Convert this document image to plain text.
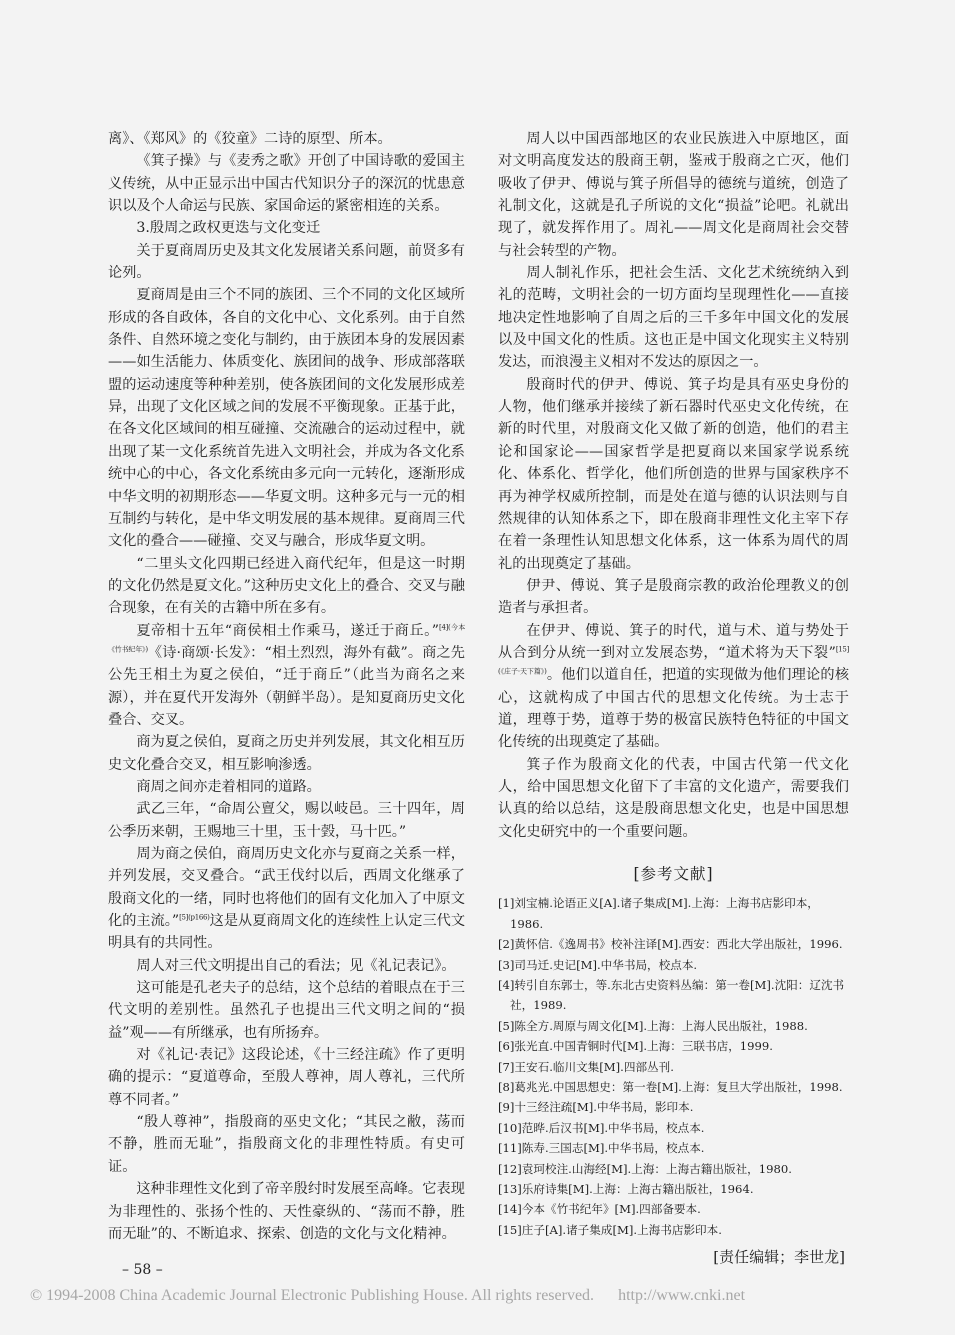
离》、《郑风》的《狡童》二诗的原型、所本。

《箕子操》与《麦秀之歌》开创了中国诗歌的爱国主义传统，从中正显示出中国古代知识分子的深沉的忧患意识以及个人命运与民族、家国命运的紧密相连的关系。

3.殷周之政权更迭与文化变迁

关于夏商周历史及其文化发展诸关系问题，前贤多有论列。

夏商周是由三个不同的族团、三个不同的文化区域所形成的各自政体，各自的文化中心、文化系列。由于自然条件、自然环境之变化与制约，由于族团本身的发展因素——如生活能力、体质变化、族团间的战争、形成部落联盟的运动速度等种种差别，使各族团间的文化发展形成差异，出现了文化区域之间的发展不平衡现象。正基于此，在各文化区域间的相互碰撞、交流融合的运动过程中，就出现了某一文化系统首先进入文明社会，并成为各文化系统中心的中心，各文化系统由多元向一元转化，逐渐形成中华文明的初期形态——华夏文明。这种多元与一元的相互制约与转化，是中华文明发展的基本规律。夏商周三代文化的叠合——碰撞、交叉与融合，形成华夏文明。

“二里头文化四期已经进入商代纪年，但是这一时期的文化仍然是夏文化。”这种历史文化上的叠合、交叉与融合现象，在有关的古籍中所在多有。

夏帝相十五年“商侯相土作乘马，遂迁于商丘。”$^{[4](今本《竹书纪年》)}$《诗·商颂·长发》：“相土烈烈，海外有截”。商之先公先王相土为夏之侯伯，“迁于商丘”（此当为商名之来源），并在夏代开发海外（朝鲜半岛）。是知夏商历史文化叠合、交叉。

商为夏之侯伯，夏商之历史并列发展，其文化相互历史文化叠合交叉，相互影响渗透。

商周之间亦走着相同的道路。

武乙三年，“命周公亶父，赐以岐邑。三十四年，周公季历来朝，王赐地三十里，玉十瑴，马十匹。”

周为商之侯伯，商周历史文化亦与夏商之关系一样，并列发展，交叉叠合。“武王伐纣以后，西周文化继承了殷商文化的一绪，同时也将他们的固有文化加入了中原文化的主流。”$^{[5](p166)}$这是从夏商周文化的连续性上认定三代文明具有的共同性。

周人对三代文明提出自己的看法；见《礼记表记》。

这可能是孔老夫子的总结，这个总结的着眼点在于三代文明的差别性。虽然孔子也提出三代文明之间的“损益”观——有所继承，也有所扬弃。

对《礼记·表记》这段论述，《十三经注疏》作了更明确的提示：“夏道尊命，至殷人尊神，周人尊礼，三代所尊不同者。”

“殷人尊神”，指殷商的巫史文化；“其民之敝，荡而不静，胜而无耻”，指殷商文化的非理性特质。有史可证。

这种非理性文化到了帝辛殷纣时发展至高峰。它表现为非理性的、张扬个性的、天性豪纵的、“荡而不静，胜而无耻”的、不断追求、探索、创造的文化与文化精神。

周人以中国西部地区的农业民族进入中原地区，面对文明高度发达的殷商王朝，鉴戒于殷商之亡灭，他们吸收了伊尹、傅说与箕子所倡导的德统与道统，创造了礼制文化，这就是孔子所说的文化“损益”论吧。礼就出现了，就发挥作用了。周礼——周文化是商周社会交替与社会转型的产物。

周人制礼作乐，把社会生活、文化艺术统统纳入到礼的范畴，文明社会的一切方面均呈现理性化——直接地决定性地影响了自周之后的三千多年中国文化的发展以及中国文化的性质。这也正是中国文化现实主义特别发达，而浪漫主义相对不发达的原因之一。

殷商时代的伊尹、傅说、箕子均是具有巫史身份的人物，他们继承并接续了新石器时代巫史文化传统，在新的时代里，对殷商文化又做了新的创造，他们的君主论和国家论——国家哲学是把夏商以来国家学说系统化、体系化、哲学化，他们所创造的世界与国家秩序不再为神学权威所控制，而是处在道与德的认识法则与自然规律的认知体系之下，即在殷商非理性文化主宰下存在着一条理性认知思想文化体系，这一体系为周代的周礼的出现奠定了基础。

伊尹、傅说、箕子是殷商宗教的政治伦理教义的创造者与承担者。

在伊尹、傅说、箕子的时代，道与术、道与势处于从合到分从统一到对立发展态势，“道术将为天下裂”$^{[15](《庄子\cdot 天下篇》)}$。他们以道自任，把道的实现做为他们理论的核心，这就构成了中国古代的思想文化传统。为士志于道，理尊于势，道尊于势的极富民族特色特征的中国文化传统的出现奠定了基础。

箕子作为殷商文化的代表，中国古代第一代文化人，给中国思想文化留下了丰富的文化遗产，需要我们认真的给以总结，这是殷商思想文化史，也是中国思想文化史研究中的一个重要问题。

[参考文献]
[1]刘宝楠.论语正义[A].诸子集成[M].上海：上海书店影印本，1986.
[2]黄怀信.《逸周书》校补注译[M].西安：西北大学出版社，1996.
[3]司马迁.史记[M].中华书局，校点本.
[4]转引自东郭士，等.东北古史资料丛编：第一卷[M].沈阳：辽沈书社，1989.
[5]陈全方.周原与周文化[M].上海：上海人民出版社，1988.
[6]张光直.中国青铜时代[M].上海：三联书店，1999.
[7]王安石.临川文集[M].四部丛刊.
[8]葛兆光.中国思想史：第一卷[M].上海：复旦大学出版社，1998.
[9]十三经注疏[M].中华书局，影印本.
[10]范晔.后汉书[M].中华书局，校点本.
[11]陈寿.三国志[M].中华书局，校点本.
[12]袁珂校注.山海经[M].上海：上海古籍出版社，1980.
[13]乐府诗集[M].上海：上海古籍出版社，1964.
[14]今本《竹书纪年》[M].四部备要本.
[15]庄子[A].诸子集成[M].上海书店影印本.
[责任编辑；李世龙]
– 58 –
© 1994-2008 China Academic Journal Electronic Publishing House. All rights reserved. http://www.cnki.net
